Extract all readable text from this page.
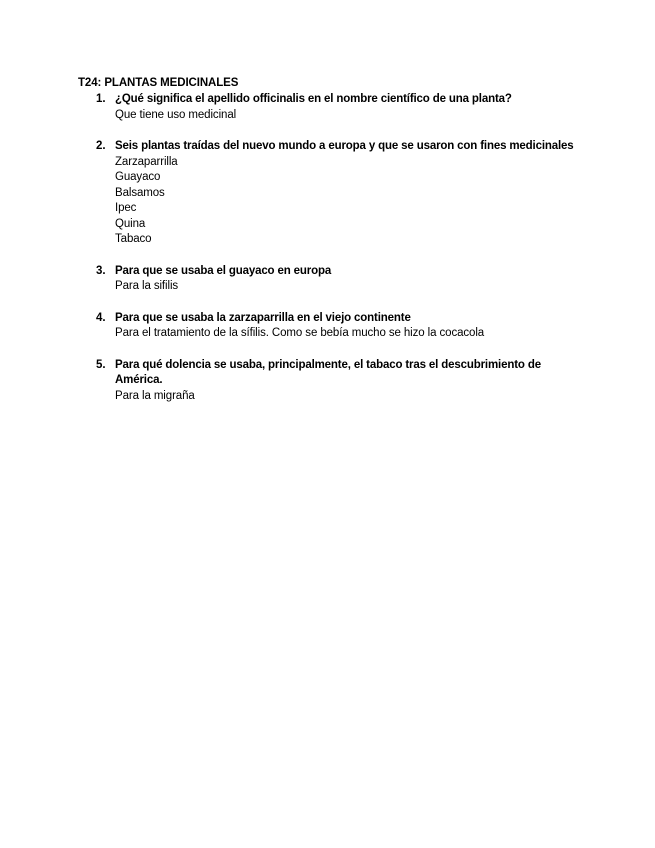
T24: PLANTAS MEDICINALES
1. ¿Qué significa el apellido officinalis en el nombre científico de una planta?

Que tiene uso medicinal
2. Seis plantas traídas del nuevo mundo a europa y que se usaron con fines medicinales

Zarzaparrilla
Guayaco
Balsamos
Ipec
Quina
Tabaco
3. Para que se usaba el guayaco en europa

Para la sifilis
4. Para que se usaba la zarzaparrilla en el viejo continente

Para el tratamiento de la sífilis. Como se bebía mucho se hizo la cocacola
5. Para qué dolencia se usaba, principalmente, el tabaco tras el descubrimiento de América.

Para la migraña
